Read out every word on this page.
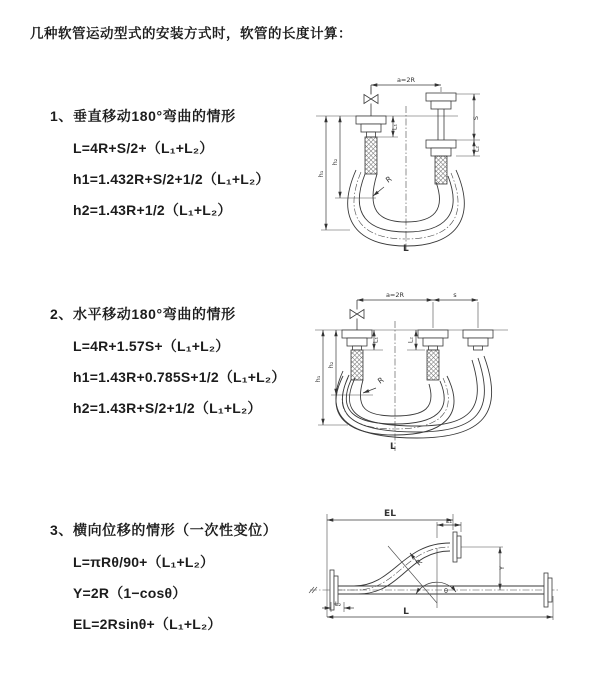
几种软管运动型式的安装方式时，软管的长度计算：
1、垂直移动180°弯曲的情形
L=4R+S/2+（L₁+L₂）
h1=1.432R+S/2+1/2（L₁+L₂）
h2=1.43R+1/2（L₁+L₂）
a=2R
L₁
S
L₂
R
L
h₁
h₂
2、水平移动180°弯曲的情形
L=4R+1.57S+（L₁+L₂）
h1=1.43R+0.785S+1/2（L₁+L₂）
h2=1.43R+S/2+1/2（L₁+L₂）
a=2R	s
L₁	L₂
R
L
h₁
h₂
3、横向位移的情形（一次性变位）
L=πRθ/90+（L₁+L₂）
Y=2R（1−cosθ）
EL=2Rsinθ+（L₁+L₂）
EL
L₁
Y
R
θ
L₂
L
